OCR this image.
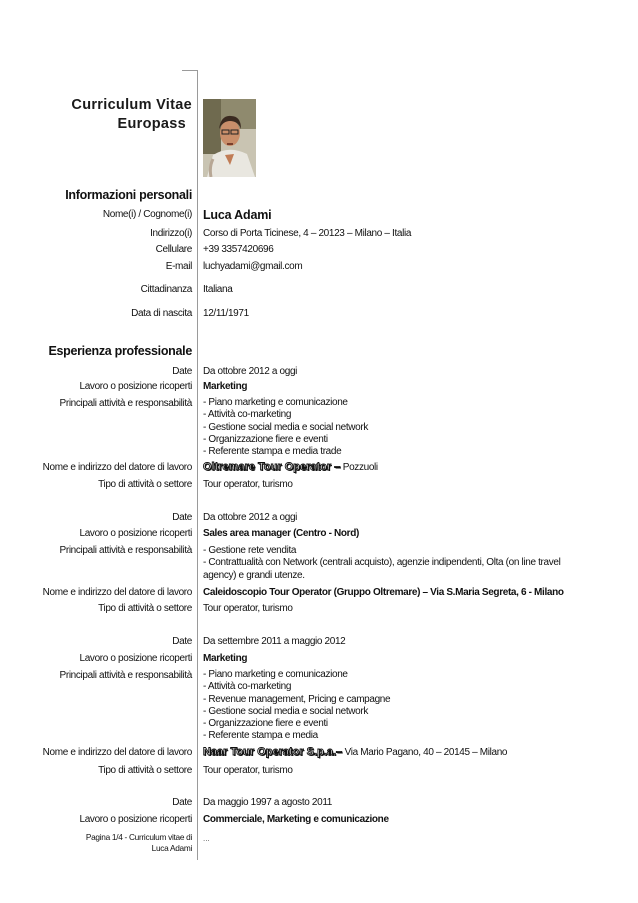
Curriculum Vitae
Europass
Informazioni personali
Nome(i) / Cognome(i) Luca Adami
Indirizzo(i) Corso di Porta Ticinese, 4 – 20123 – Milano – Italia
Cellulare +39 3357420696
E-mail luchyadami@gmail.com
Cittadinanza Italiana
Data di nascita 12/11/1971
Esperienza professionale
Date Da ottobre 2012 a oggi
Lavoro o posizione ricoperti Marketing
Principali attività e responsabilità - Piano marketing e comunicazione
- Attività co-marketing
- Gestione social media e social network
- Organizzazione fiere e eventi
- Referente stampa e media trade
Nome e indirizzo del datore di lavoro Oltremare Tour Operator – Pozzuoli
Tipo di attività o settore Tour operator, turismo
Date Da ottobre 2012 a oggi
Lavoro o posizione ricoperti Sales area manager (Centro - Nord)
Principali attività e responsabilità - Gestione rete vendita
- Contrattualità con Network (centrali acquisto), agenzie indipendenti, Olta (on line travel agency) e grandi utenze.
Nome e indirizzo del datore di lavoro Caleidoscopio Tour Operator (Gruppo Oltremare) – Via S.Maria Segreta, 6 - Milano
Tipo di attività o settore Tour operator, turismo
Date Da settembre 2011 a maggio 2012
Lavoro o posizione ricoperti Marketing
Principali attività e responsabilità - Piano marketing e comunicazione
- Attività co-marketing
- Revenue management, Pricing e campagne
- Gestione social media e social network
- Organizzazione fiere e eventi
- Referente stampa e media
Nome e indirizzo del datore di lavoro Naar Tour Operator S.p.a.– Via Mario Pagano, 40 – 20145 – Milano
Tipo di attività o settore Tour operator, turismo
Date Da maggio 1997 a agosto 2011
Lavoro o posizione ricoperti Commerciale, Marketing e comunicazione
Pagina 1/4 - Curriculum vitae di
Luca Adami
...
